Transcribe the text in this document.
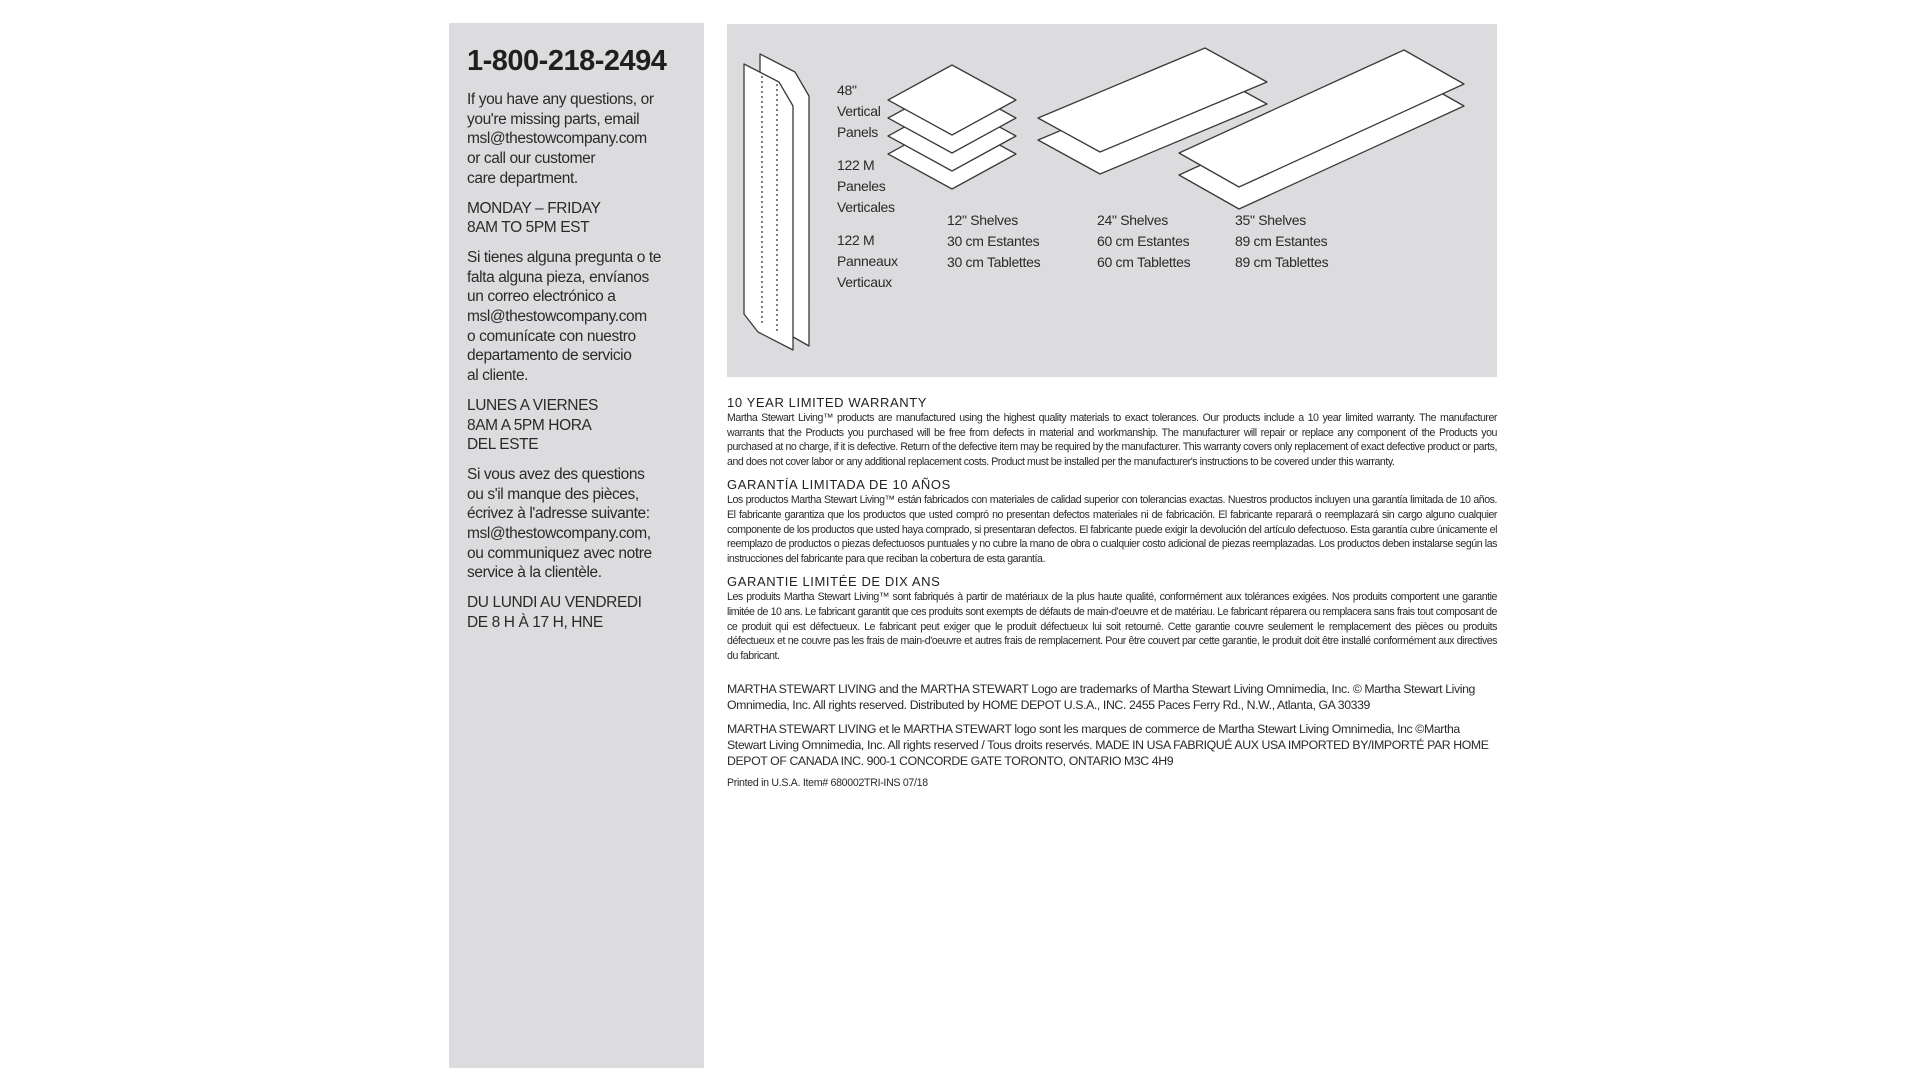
1-800-218-2494
If you have any questions, or
you're missing parts, email
msl@thestowcompany.com
or call our customer
care department.
MONDAY – FRIDAY
8AM TO 5PM EST
Si tienes alguna pregunta o te
falta alguna pieza, envíanos
un correo electrónico a
msl@thestowcompany.com
o comunícate con nuestro
departamento de servicio
al cliente.
LUNES A VIERNES
8AM A 5PM HORA
DEL ESTE
Si vous avez des questions
ou s'il manque des pièces,
écrivez à l'adresse suivante:
msl@thestowcompany.com,
ou communiquez avec notre
service à la clientèle.
DU LUNDI AU VENDREDI
DE 8 H À 17 H, HNE
48"
Vertical
Panels
122 M
Paneles
Verticales
122 M
Panneaux
Verticaux
12" Shelves
30 cm Estantes
30 cm Tablettes
24" Shelves
60 cm Estantes
60 cm Tablettes
35" Shelves
89 cm Estantes
89 cm Tablettes
10 YEAR LIMITED WARRANTY

Martha Stewart Living™ products are manufactured using the highest quality materials to exact tolerances. Our products include a 10 year limited warranty. The manufacturer warrants that the Products you purchased will be free from defects in material and workmanship. The manufacturer will repair or replace any component of the Products you purchased at no charge, if it is defective. Return of the defective item may be required by the manufacturer. This warranty covers only replacement of exact defective product or parts, and does not cover labor or any additional replacement costs. Product must be installed per the manufacturer's instructions to be covered under this warranty.

GARANTÍA LIMITADA DE 10 AÑOS

Los productos Martha Stewart Living™ están fabricados con materiales de calidad superior con tolerancias exactas. Nuestros productos incluyen una garantía limitada de 10 años. El fabricante garantiza que los productos que usted compró no presentan defectos materiales ni de fabricación. El fabricante reparará o reemplazará sin cargo alguno cualquier componente de los productos que usted haya comprado, si presentaran defectos. El fabricante puede exigir la devolución del artículo defectuoso. Esta garantía cubre únicamente el reemplazo de productos o piezas defectuosos puntuales y no cubre la mano de obra o cualquier costo adicional de piezas reemplazadas. Los productos deben instalarse según las instrucciones del fabricante para que reciban la cobertura de esta garantía.

GARANTIE LIMITÉE DE DIX ANS

Les produits Martha Stewart Living™ sont fabriqués à partir de matériaux de la plus haute qualité, conformément aux tolérances exigées. Nos produits comportent une garantie limitée de 10 ans. Le fabricant garantit que ces produits sont exempts de défauts de main-d'oeuvre et de matériau. Le fabricant réparera ou remplacera sans frais tout composant de ce produit qui est défectueux. Le fabricant peut exiger que le produit défectueux lui soit retourné. Cette garantie couvre seulement le remplacement des pièces ou produits défectueux et ne couvre pas les frais de main-d'oeuvre et autres frais de remplacement. Pour être couvert par cette garantie, le produit doit être installé conformément aux directives du fabricant.

MARTHA STEWART LIVING and the MARTHA STEWART Logo are trademarks of Martha Stewart Living Omnimedia, Inc. © Martha Stewart Living Omnimedia, Inc. All rights reserved. Distributed by HOME DEPOT U.S.A., INC. 2455 Paces Ferry Rd., N.W., Atlanta, GA 30339

MARTHA STEWART LIVING et le MARTHA STEWART logo sont les marques de commerce de Martha Stewart Living Omnimedia, Inc ©Martha Stewart Living Omnimedia, Inc. All rights reserved / Tous droits reservés. MADE IN USA FABRIQUÉ AUX USA IMPORTED BY/IMPORTÉ PAR HOME DEPOT OF CANADA INC. 900-1 CONCORDE GATE TORONTO, ONTARIO M3C 4H9

Printed in U.S.A. Item# 680002TRI-INS 07/18
